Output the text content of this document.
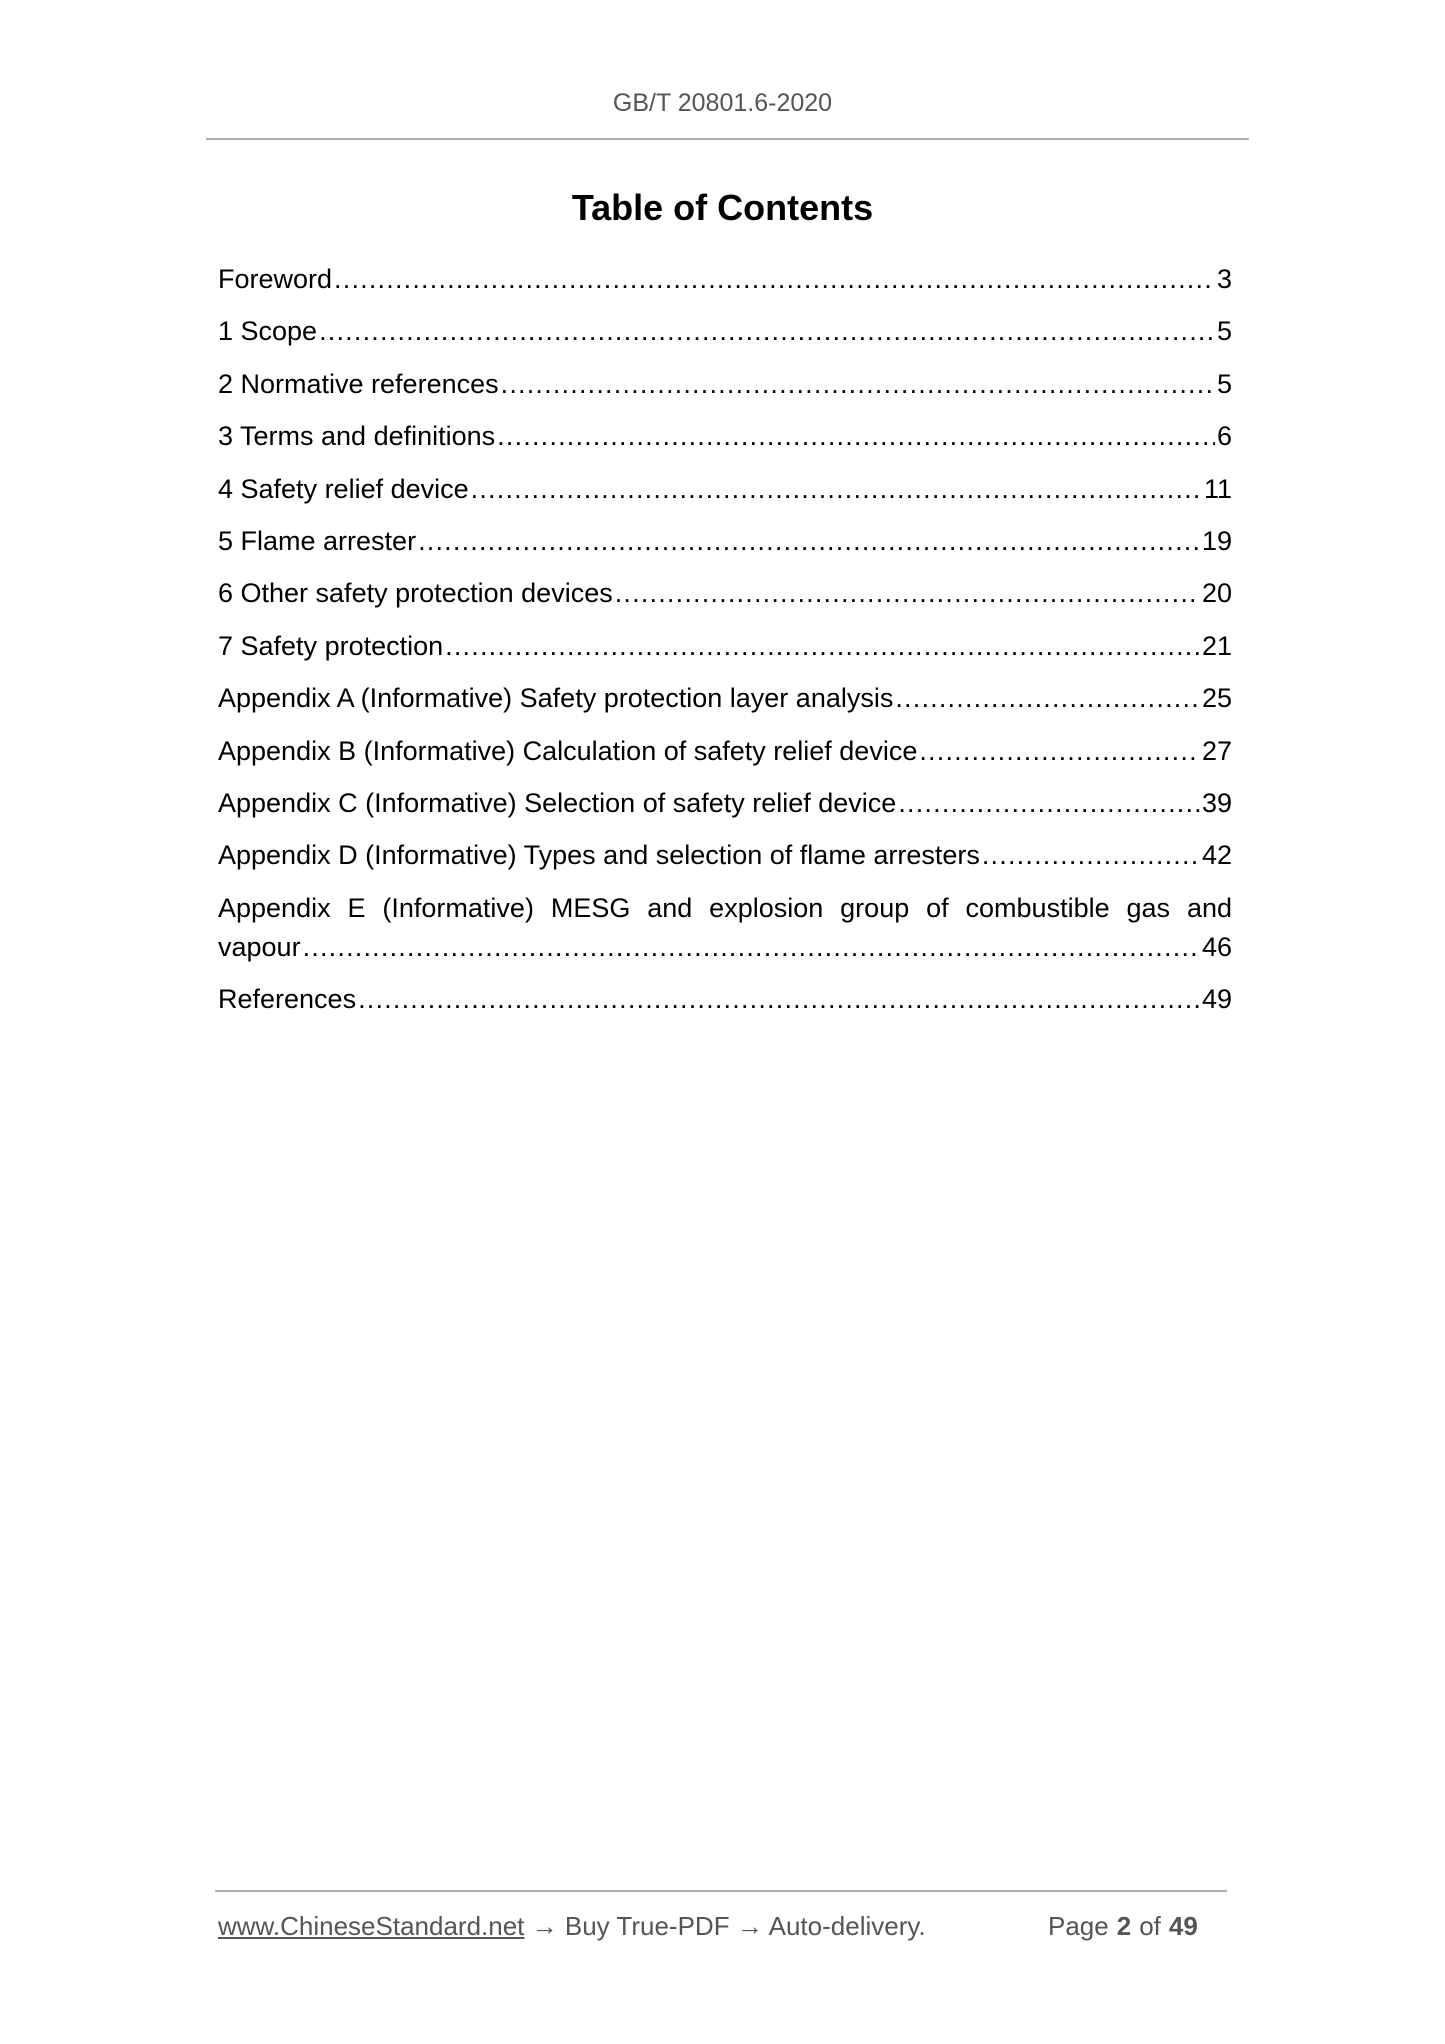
GB/T 20801.6-2020
Table of Contents
Foreword .....	3
1 Scope .....	5
2 Normative references .....	5
3 Terms and definitions .....	6
4 Safety relief device .....	11
5 Flame arrester .....	19
6 Other safety protection devices .....	20
7 Safety protection .....	21
Appendix A (Informative) Safety protection layer analysis .....	25
Appendix B (Informative) Calculation of safety relief device .....	27
Appendix C (Informative) Selection of safety relief device .....	39
Appendix D (Informative) Types and selection of flame arresters .....	42
Appendix E (Informative) MESG and explosion group of combustible gas and
vapour .....	46
References .....	49
www.ChineseStandard.net → Buy True-PDF → Auto-delivery.	Page 2 of 49
